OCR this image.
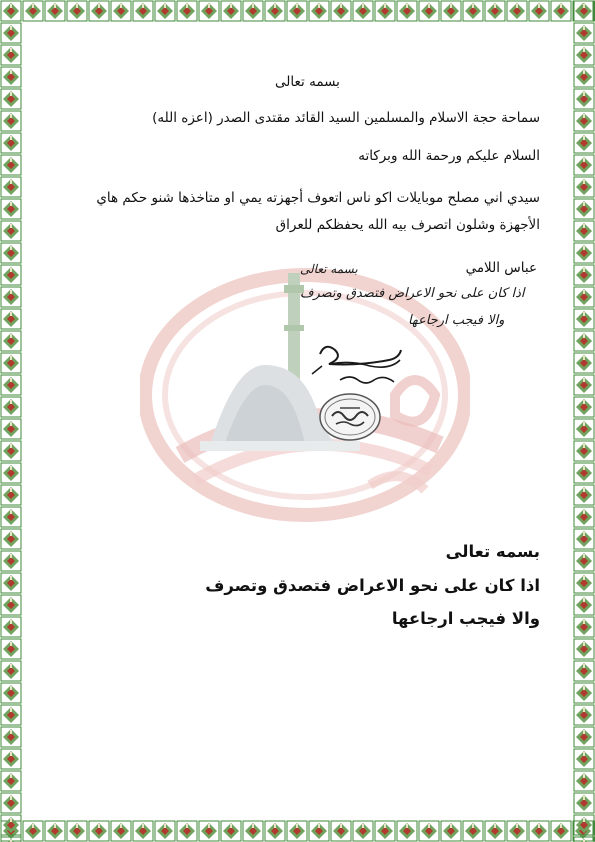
بسمه تعالى
سماحة حجة الاسلام والمسلمين السيد القائد مقتدى الصدر (اعزه الله)
السلام عليكم ورحمة الله وبركاته
سيدي اني مصلح موبايلات اكو ناس اتعوف أجهزته يمي او متاخذها شنو حكم هاي
الأجهزة وشلون اتصرف بيه الله يحفظكم للعراق
عباس اللامي
بسمه تعالى
اذا كان على نحو الاعراض فتصدق وتصرف
والا فيجب ارجاعها
بسمه تعالى
اذا كان على نحو الاعراض فتصدق وتصرف
والا فيجب ارجاعها
